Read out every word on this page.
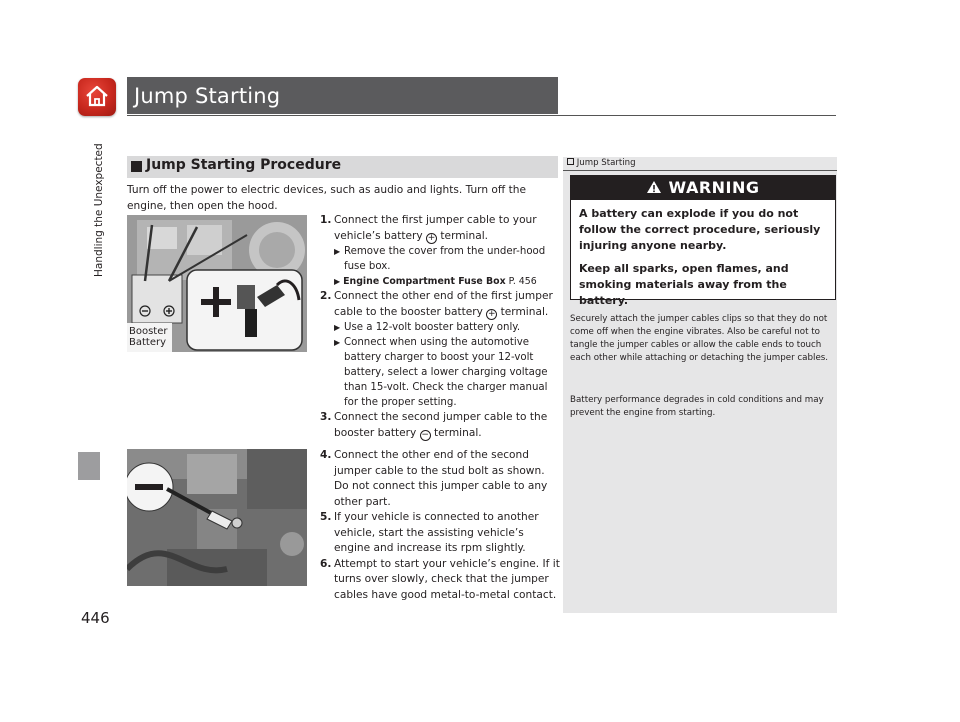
Jump Starting
Handling the Unexpected
446
Jump Starting Procedure
Turn off the power to electric devices, such as audio and lights. Turn off the engine, then open the hood.
Booster
Battery
1. Connect the first jumper cable to your vehicle’s battery + terminal.
▶ Remove the cover from the under-hood fuse box.
▶ Engine Compartment Fuse Box P. 456
2. Connect the other end of the first jumper cable to the booster battery + terminal.
▶ Use a 12-volt booster battery only.
▶ Connect when using the automotive battery charger to boost your 12-volt battery, select a lower charging voltage than 15-volt. Check the charger manual for the proper setting.
3. Connect the second jumper cable to the booster battery − terminal.
4. Connect the other end of the second jumper cable to the stud bolt as shown. Do not connect this jumper cable to any other part.
5. If your vehicle is connected to another vehicle, start the assisting vehicle’s engine and increase its rpm slightly.
6. Attempt to start your vehicle’s engine. If it turns over slowly, check that the jumper cables have good metal-to-metal contact.
Jump Starting
WARNING
A battery can explode if you do not follow the correct procedure, seriously injuring anyone nearby.
Keep all sparks, open flames, and smoking materials away from the battery.
Securely attach the jumper cables clips so that they do not come off when the engine vibrates. Also be careful not to tangle the jumper cables or allow the cable ends to touch each other while attaching or detaching the jumper cables.
Battery performance degrades in cold conditions and may prevent the engine from starting.
